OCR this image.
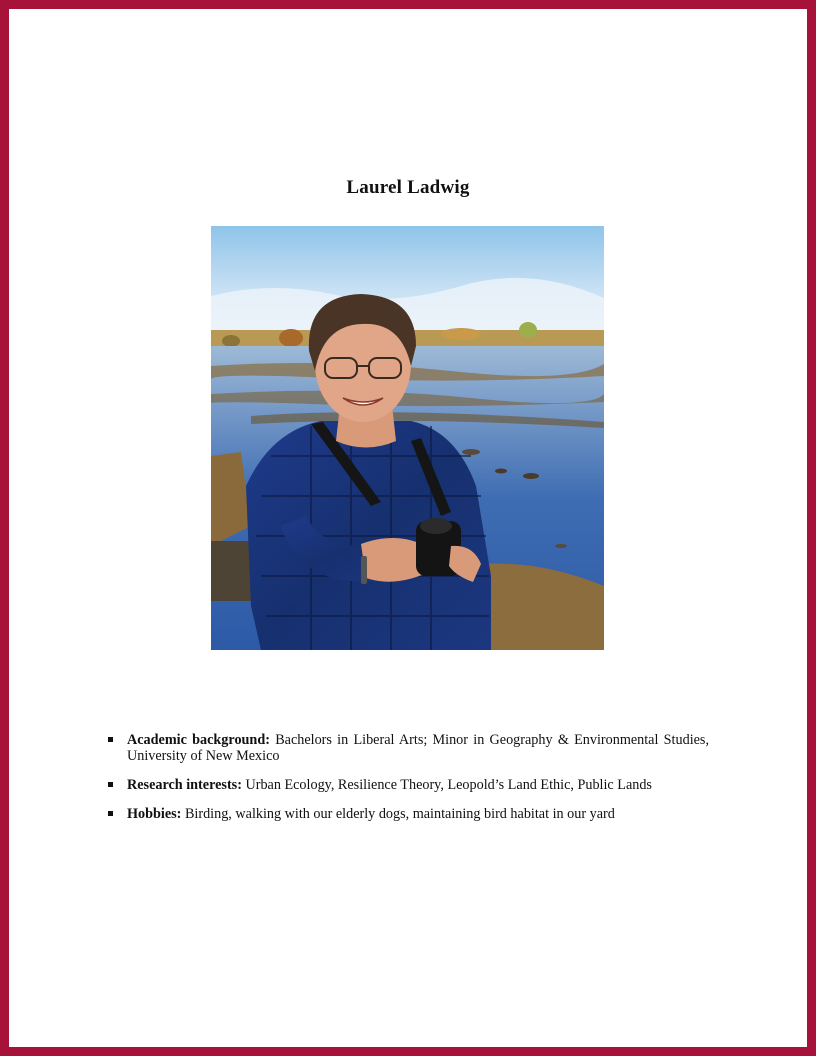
Laurel Ladwig
Academic background: Bachelors in Liberal Arts; Minor in Geography & Environmental Studies, University of New Mexico
Research interests: Urban Ecology, Resilience Theory, Leopold’s Land Ethic, Public Lands
Hobbies: Birding, walking with our elderly dogs, maintaining bird habitat in our yard
